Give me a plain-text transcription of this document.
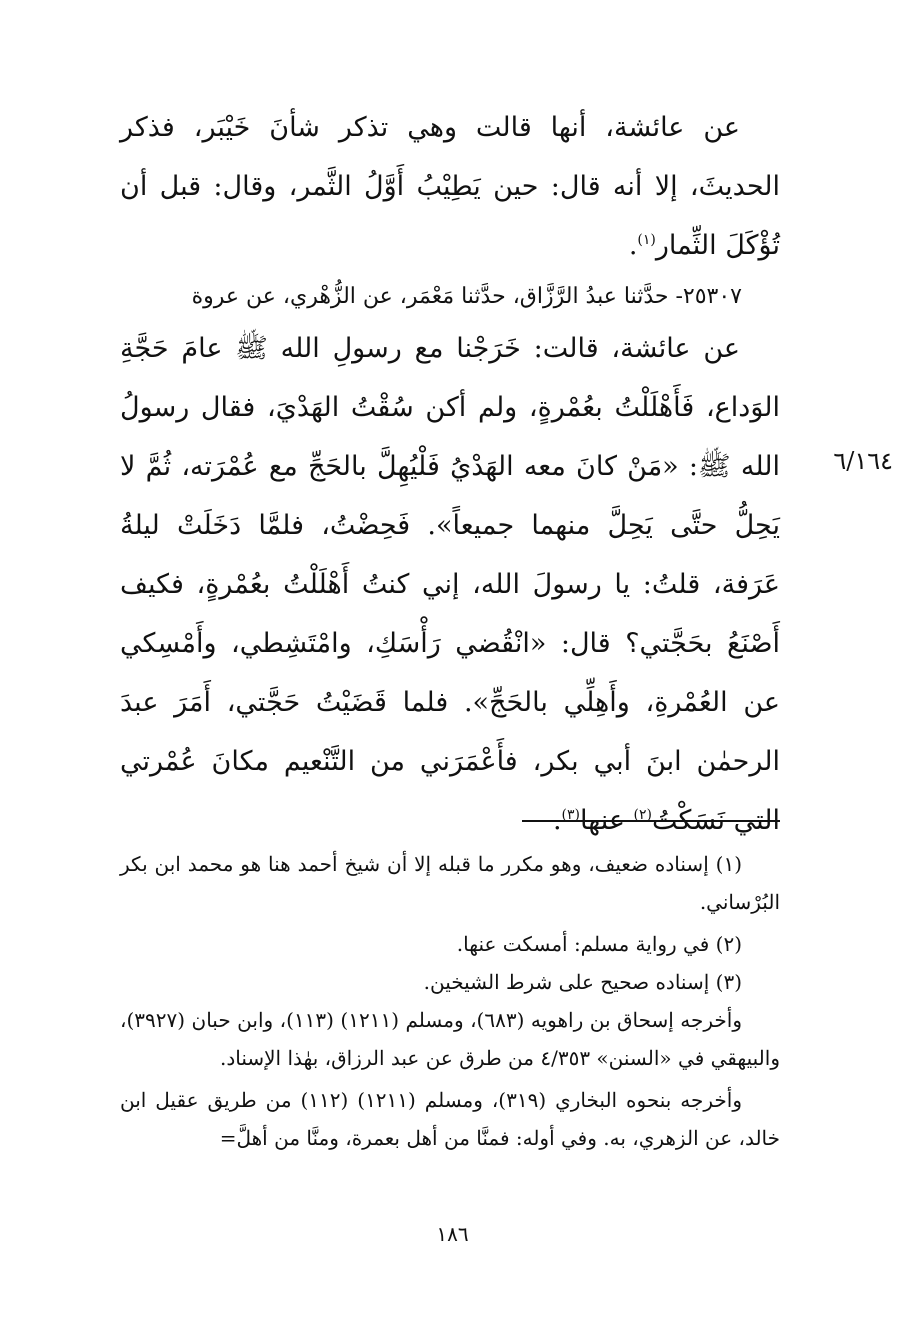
عن عائشة، أنها قالت وهي تذكر شأنَ خَيْبَر، فذكر الحديثَ، إلا أنه قال: حين يَطِيْبُ أَوَّلُ الثَّمر، وقال: قبل أن تُؤْكَلَ الثِّمار$^{(١)}$.

٢٥٣٠٧- حدَّثنا عبدُ الرَّزَّاق، حدَّثنا مَعْمَر، عن الزُّهْري، عن عروة

عن عائشة، قالت: خَرَجْنا مع رسولِ الله ﷺ عامَ حَجَّةِ الوَداع، فَأَهْلَلْتُ بعُمْرةٍ، ولم أكن سُقْتُ الهَدْيَ، فقال رسولُ الله ﷺ: «مَنْ كانَ معه الهَدْيُ فَلْيُهِلَّ بالحَجِّ مع عُمْرَته، ثُمَّ لا يَحِلُّ حتَّى يَحِلَّ منهما جميعاً». فَحِضْتُ، فلمَّا دَخَلَتْ ليلةُ عَرَفة، قلتُ: يا رسولَ الله، إني كنتُ أَهْلَلْتُ بعُمْرةٍ، فكيف أَصْنَعُ بحَجَّتي؟ قال: «انْقُضي رَأْسَكِ، وامْتَشِطي، وأَمْسِكي عن العُمْرةِ، وأَهِلِّي بالحَجِّ». فلما قَضَيْتُ حَجَّتي، أَمَرَ عبدَ الرحمٰن ابنَ أبي بكر، فأَعْمَرَني من التَّنْعيم مكانَ عُمْرتي التي نَسَكْتُ$^{(٢)}$ عنها$^{(٣)}$.

٦/١٦٤

(١) إسناده ضعيف، وهو مكرر ما قبله إلا أن شيخ أحمد هنا هو محمد ابن بكر البُرْساني.

(٢) في رواية مسلم: أمسكت عنها.

(٣) إسناده صحيح على شرط الشيخين.

وأخرجه إسحاق بن راهويه (٦٨٣)، ومسلم (١٢١١) (١١٣)، وابن حبان (٣٩٢٧)، والبيهقي في «السنن» ٤/٣٥٣ من طرق عن عبد الرزاق، بهٰذا الإسناد.

وأخرجه بنحوه البخاري (٣١٩)، ومسلم (١٢١١) (١١٢) من طريق عقيل ابن خالد، عن الزهري، به. وفي أوله: فمنَّا من أهل بعمرة، ومنَّا من أهلَّ=

١٨٦
